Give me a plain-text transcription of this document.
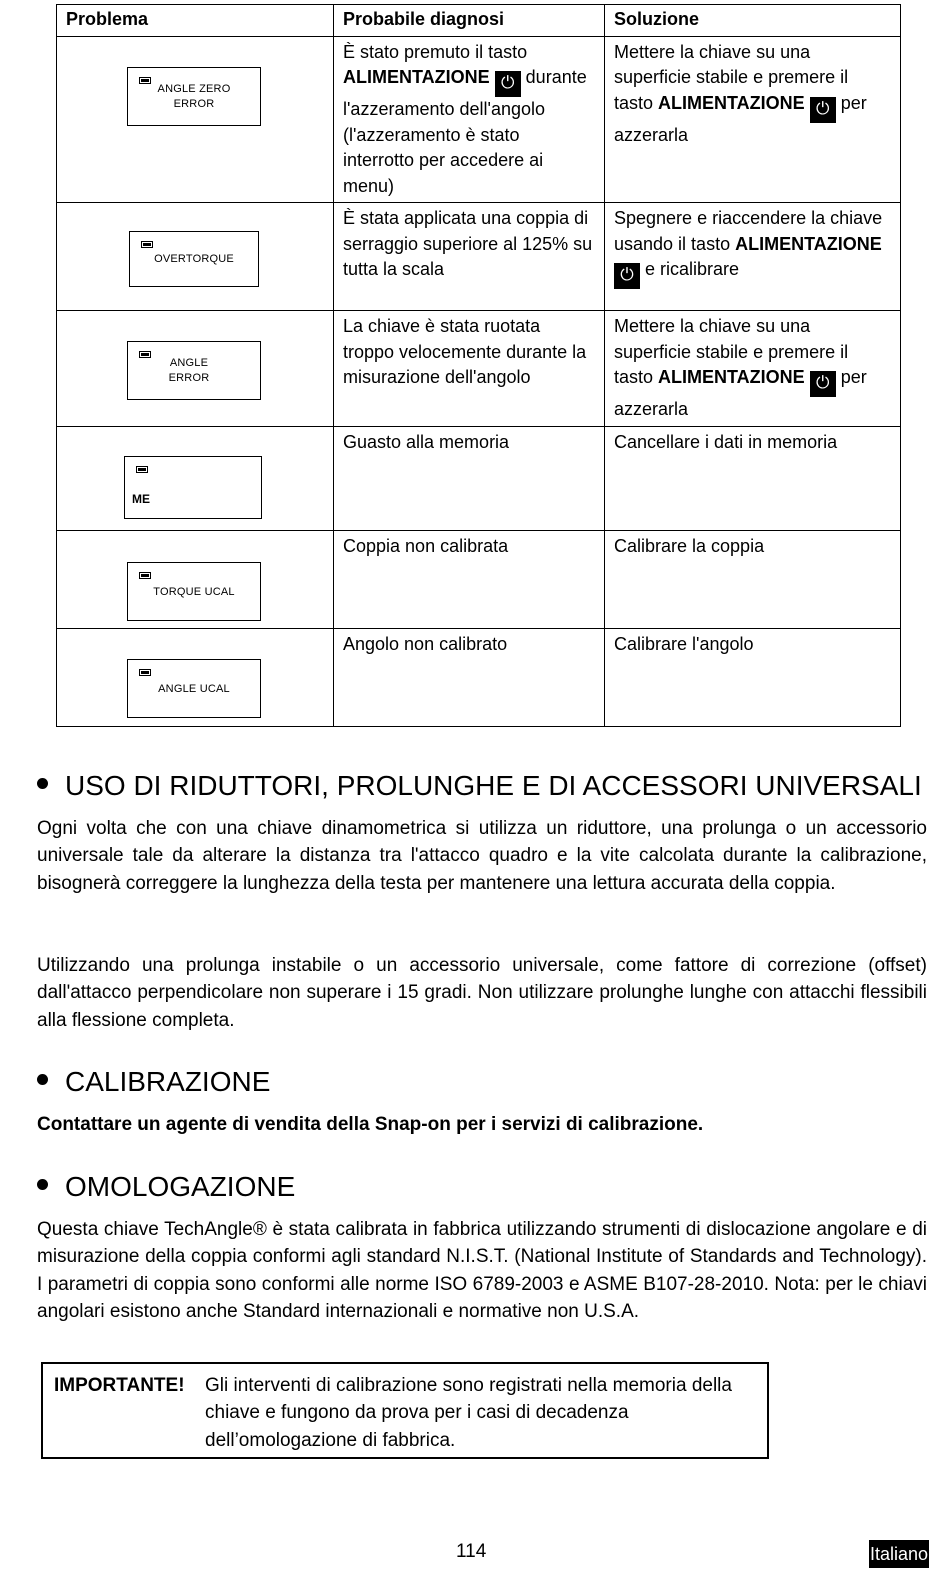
Problema	Probabile diagnosi	Soluzione

ANGLE ZERO
ERROR	È stato premuto il tasto ALIMENTAZIONE ⏻ durante l'azzeramento dell'angolo (l'azzeramento è stato interrotto per accedere ai menu)	Mettere la chiave su una superficie stabile e premere il tasto ALIMENTAZIONE ⏻ per azzerarla

OVERTORQUE	È stata applicata una coppia di serraggio superiore al 125% su tutta la scala	Spegnere e riaccendere la chiave usando il tasto ALIMENTAZIONE ⏻ e ricalibrare

ANGLE
ERROR	La chiave è stata ruotata troppo velocemente durante la misurazione dell'angolo	Mettere la chiave su una superficie stabile e premere il tasto ALIMENTAZIONE ⏻ per azzerarla

ME	Guasto alla memoria	Cancellare i dati in memoria

TORQUE UCAL	Coppia non calibrata	Calibrare la coppia

ANGLE UCAL	Angolo non calibrato	Calibrare l'angolo
USO DI RIDUTTORI, PROLUNGHE E DI ACCESSORI UNIVERSALI
Ogni volta che con una chiave dinamometrica si utilizza un riduttore, una prolunga o un accessorio universale tale da alterare la distanza tra l'attacco quadro e la vite calcolata durante la calibrazione, bisognerà correggere la lunghezza della testa per mantenere una lettura accurata della coppia.
Utilizzando una prolunga instabile o un accessorio universale, come fattore di correzione (offset) dall'attacco perpendicolare non superare i 15 gradi. Non utilizzare prolunghe lunghe con attacchi flessibili alla flessione completa.
CALIBRAZIONE
Contattare un agente di vendita della Snap-on per i servizi di calibrazione.
OMOLOGAZIONE
Questa chiave TechAngle® è stata calibrata in fabbrica utilizzando strumenti di dislocazione angolare e di misurazione della coppia conformi agli standard N.I.S.T. (National Institute of Standards and Technology). I parametri di coppia sono conformi alle norme ISO 6789-2003 e ASME B107-28-2010. Nota: per le chiavi angolari esistono anche Standard internazionali e normative non U.S.A.
IMPORTANTE! Gli interventi di calibrazione sono registrati nella memoria della chiave e fungono da prova per i casi di decadenza dell’omologazione di fabbrica.
114	Italiano
